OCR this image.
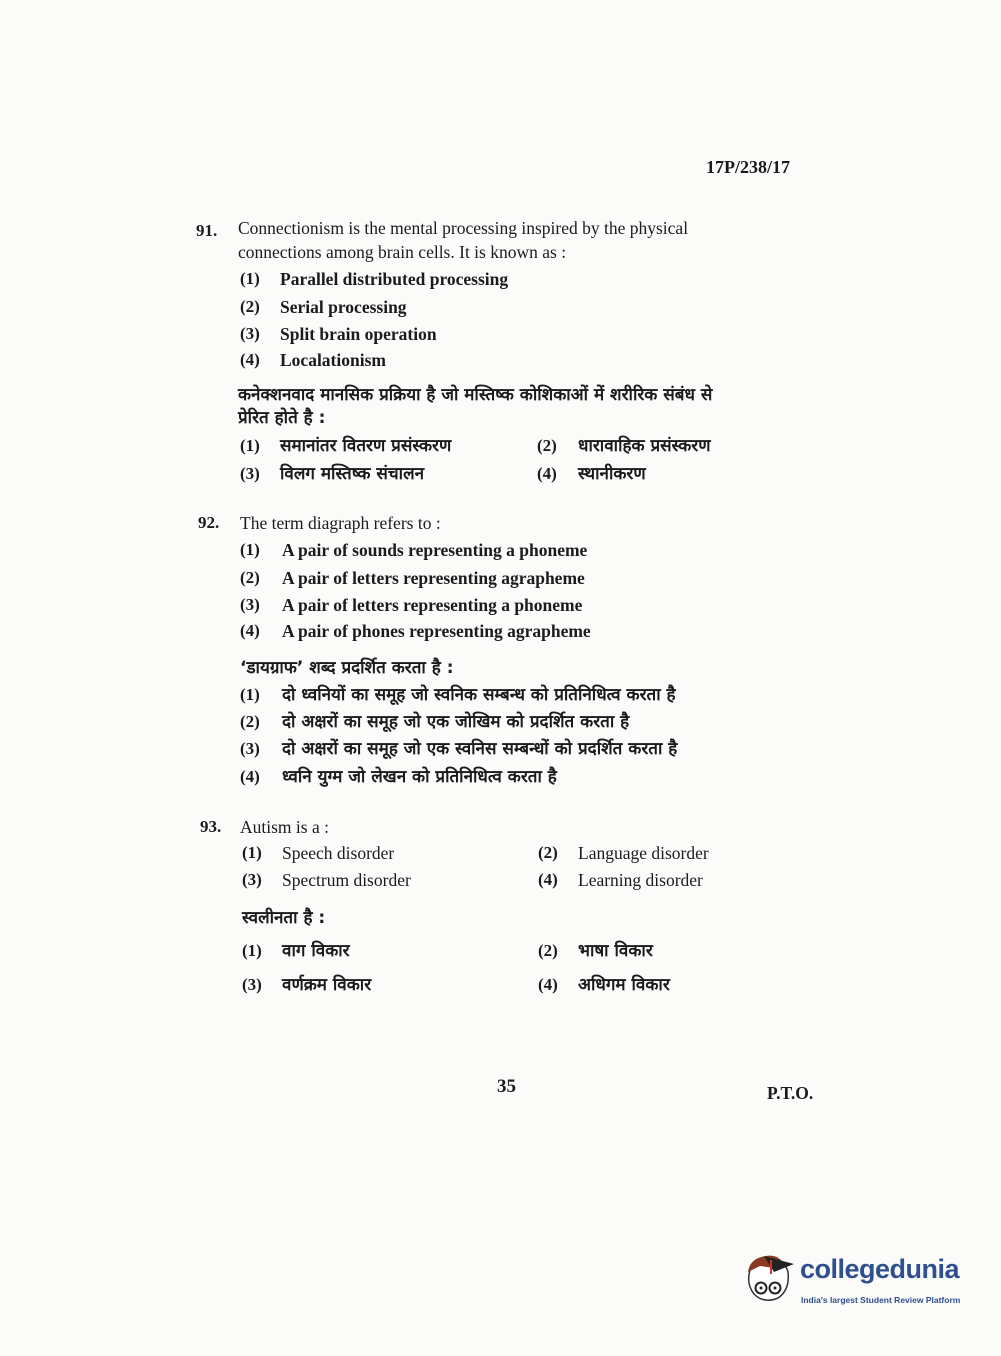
17P/238/17
91. Connectionism is the mental processing inspired by the physical
connections among brain cells. It is known as :
(1) Parallel distributed processing
(2) Serial processing
(3) Split brain operation
(4) Localationism
कनेक्शनवाद मानसिक प्रक्रिया है जो मस्तिष्क कोशिकाओं में शरीरिक संबंध से
प्रेरित होते है :
(1) समानांतर वितरण प्रसंस्करण	(2) धारावाहिक प्रसंस्करण
(3) विलग मस्तिष्क संचालन	(4) स्थानीकरण
92. The term diagraph refers to :
(1) A pair of sounds representing a phoneme
(2) A pair of letters representing agrapheme
(3) A pair of letters representing a phoneme
(4) A pair of phones representing agrapheme
‘डायग्राफ’ शब्द प्रदर्शित करता है :
(1) दो ध्वनियों का समूह जो स्वनिक सम्बन्ध को प्रतिनिधित्व करता है
(2) दो अक्षरों का समूह जो एक जोखिम को प्रदर्शित करता है
(3) दो अक्षरों का समूह जो एक स्वनिस सम्बन्धों को प्रदर्शित करता है
(4) ध्वनि युग्म जो लेखन को प्रतिनिधित्व करता है
93. Autism is a :
(1) Speech disorder	(2) Language disorder
(3) Spectrum disorder	(4) Learning disorder
स्वलीनता है :
(1) वाग विकार	(2) भाषा विकार
(3) वर्णक्रम विकार	(4) अधिगम विकार
35	P.T.O.
collegedunia
India's largest Student Review Platform
